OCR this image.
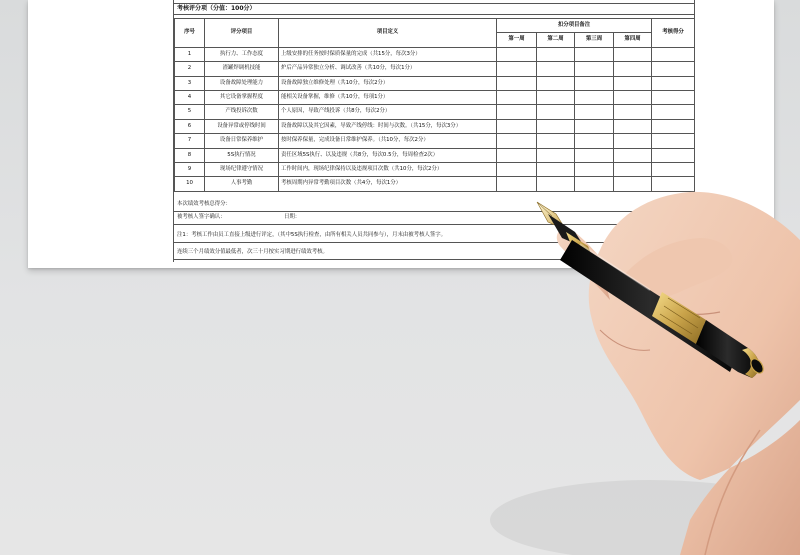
考核评分项（分值：100分）
序号	评分项目	项目定义	扣分项目备注				考核得分
			第一周	第二周	第三周	第四周	
1	执行力、工作态度	上级安排的任务按时保质保量的完成（共15分，每次3分）					
2	渣罐焊调机技能	炉后产品异常独立分析、调试改善（共10分，每次1分）					
3	设备故障处理能力	设备故障独立维修处理（共10分，每次2分）					
4	其它设备掌握程度	能相关设备掌握，维修（共10分，每项1分）					
5	产线投诉次数	个人原因，导致产线投诉（共8分，每次2分）					
6	设备异常或停线时间	设备故障以及其它因素，导致产线停线：时间与次数。（共15分，每次3分）					
7	设备日常保养维护	按时保养保量，完成设备日常维护保养。（共10分，每次2分）					
8	5S执行情况	责任区域5S执行、以及违规（共8分，每次0.5分，每周检查2次）					
9	现场纪律遵守情况	工作时间内，现场纪律保持以及违规项目次数（共10分，每次2分）					
10	人事考勤	考核周期内异常考勤项目次数（共4分，每次1分）					
本次绩效考核总得分：
被考核人签字确认：	日期：
注1：考核工作由员工直接上级进行评定，（其中5S执行检查，由所有相关人员共同参与），月末由被考核人签字。
连续三个月绩效分值最低者，次三十月按实习期进行绩效考核。
